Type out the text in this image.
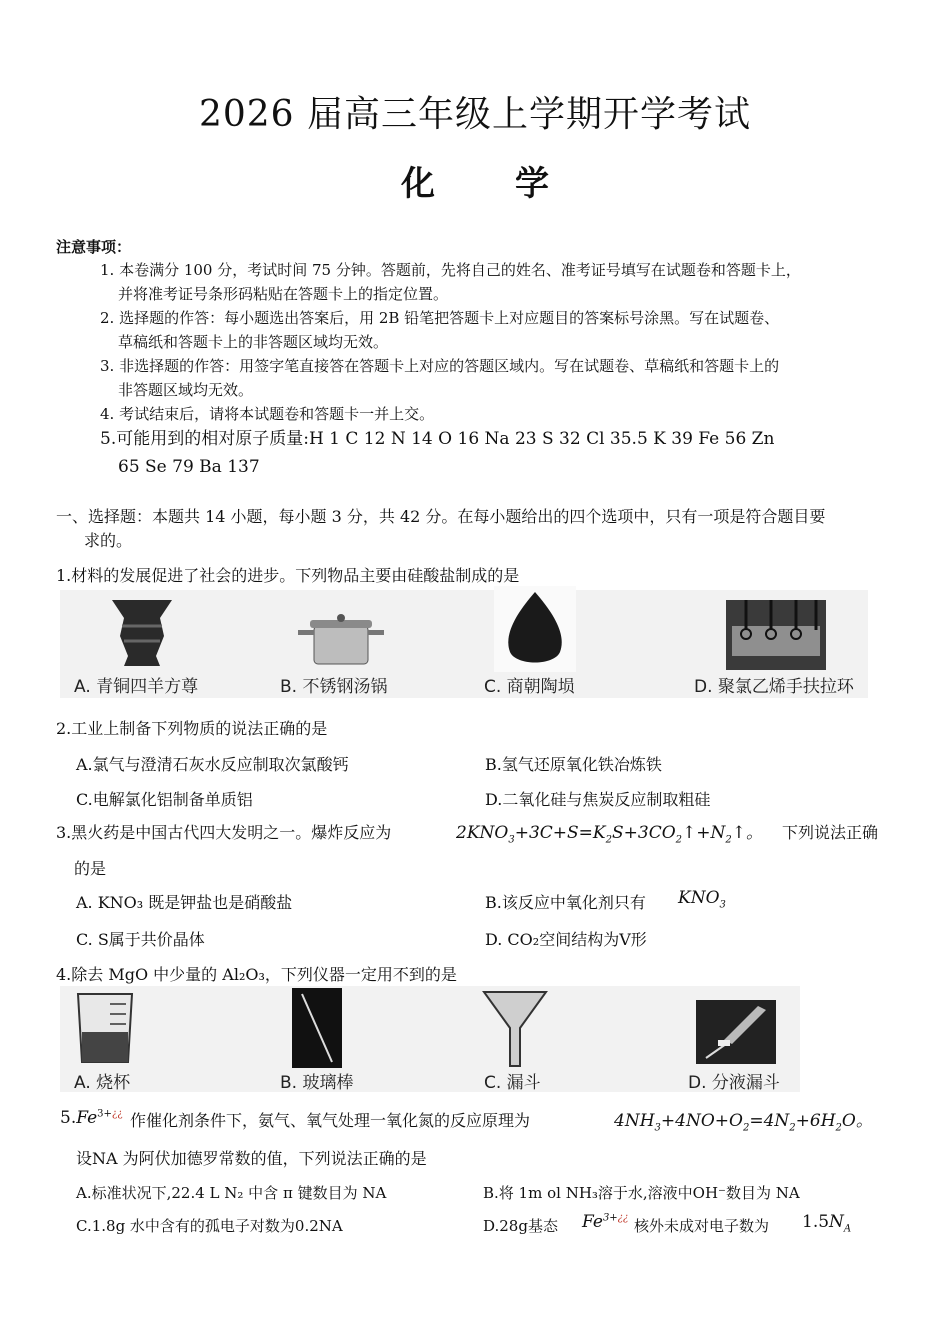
2026 届高三年级上学期开学考试
化 学
注意事项：
1. 本卷满分 100 分，考试时间 75 分钟。答题前，先将自己的姓名、准考证号填写在试题卷和答题卡上，
并将准考证号条形码粘贴在答题卡上的指定位置。
2. 选择题的作答：每小题选出答案后，用 2B 铅笔把答题卡上对应题目的答案标号涂黑。写在试题卷、
草稿纸和答题卡上的非答题区域均无效。
3. 非选择题的作答：用签字笔直接答在答题卡上对应的答题区域内。写在试题卷、草稿纸和答题卡上的
非答题区域均无效。
4. 考试结束后，请将本试题卷和答题卡一并上交。
5.可能用到的相对原子质量:H 1 C 12 N 14 O 16 Na 23 S 32 Cl 35.5 K 39 Fe 56 Zn
65 Se 79 Ba 137
一、选择题：本题共 14 小题，每小题 3 分，共 42 分。在每小题给出的四个选项中，只有一项是符合题目要
求的。
1.材料的发展促进了社会的进步。下列物品主要由硅酸盐制成的是
A. 青铜四羊方尊	B. 不锈钢汤锅	C. 商朝陶埙	D. 聚氯乙烯手扶拉环
2.工业上制备下列物质的说法正确的是
A.氯气与澄清石灰水反应制取次氯酸钙	B.氢气还原氧化铁冶炼铁
C.电解氯化铝制备单质铝	D.二氧化硅与焦炭反应制取粗硅
3.黑火药是中国古代四大发明之一。爆炸反应为	$2KNO_3+3C+S=K_2S+3CO_2↑+N_2↑$。 下列说法正确
的是
A. KNO₃ 既是钾盐也是硝酸盐	B.该反应中氧化剂只有 $KNO_3$
C. S属于共价晶体	D. CO₂空间结构为V形
4.除去 MgO 中少量的 Al₂O₃，下列仪器一定用不到的是
A. 烧杯	B. 玻璃棒	C. 漏斗	D. 分液漏斗
$5.Fe^{3+¿¿}$ 作催化剂条件下，氨气、氧气处理一氧化氮的反应原理为	$4NH_3+4NO+O_2=4N_2+6H_2O$。
设NA 为阿伏加德罗常数的值，下列说法正确的是
A.标准状况下,22.4 L N₂ 中含 π 键数目为 NA	B.将 1m ol NH₃溶于水,溶液中OH⁻数目为 NA
C.1.8g 水中含有的孤电子对数为0.2NA	D.28g基态 $Fe^{3+¿¿}$ 核外未成对电子数为 $1.5N_A$
